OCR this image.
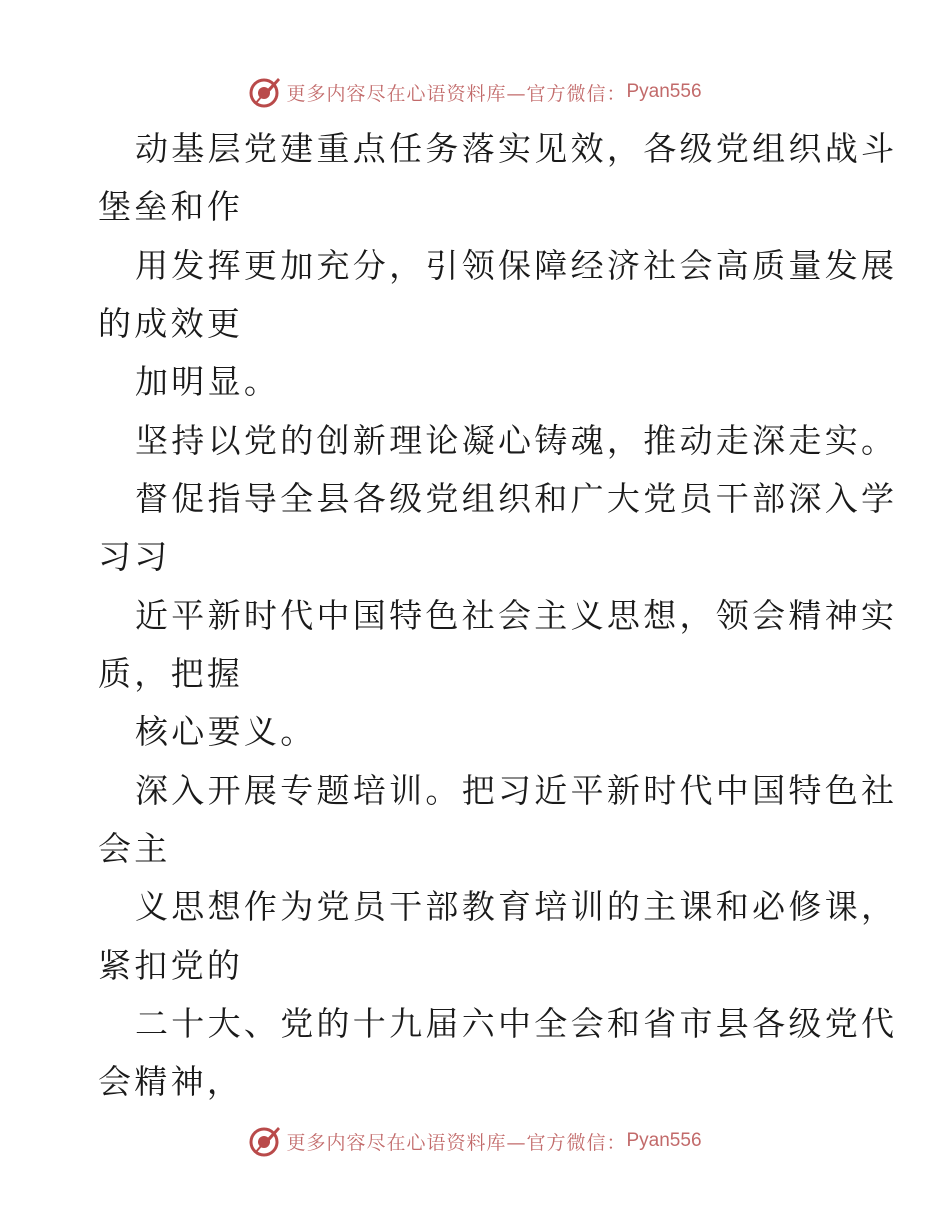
更多内容尽在心语资料库—官方微信： Pyan556
动基层党建重点任务落实见效，各级党组织战斗
堡垒和作
用发挥更加充分，引领保障经济社会高质量发展
的成效更
加明显。
坚持以党的创新理论凝心铸魂，推动走深走实。
督促指导全县各级党组织和广大党员干部深入学
习习
近平新时代中国特色社会主义思想，领会精神实
质，把握
核心要义。
深入开展专题培训。把习近平新时代中国特色社
会主
义思想作为党员干部教育培训的主课和必修课，
紧扣党的
二十大、党的十九届六中全会和省市县各级党代
会精神，
更多内容尽在心语资料库—官方微信： Pyan556
